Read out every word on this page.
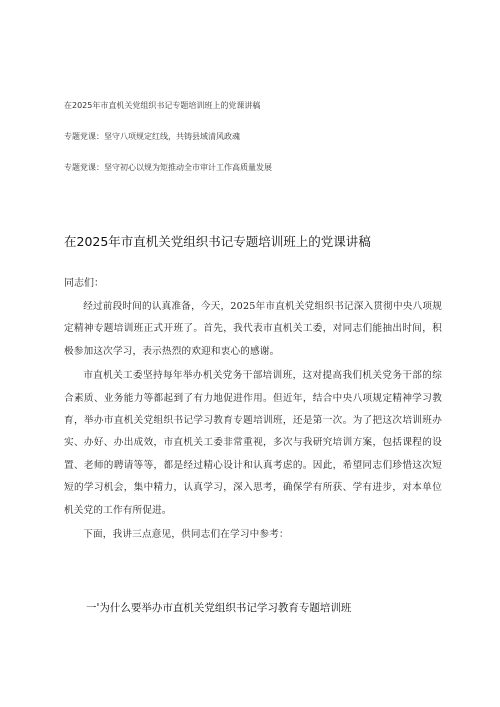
在2025年市直机关党组织书记专题培训班上的党课讲稿
专题党课：坚守八项规定红线，共铸县域清风政魂
专题党课：坚守初心以规为矩推动全市审计工作高质量发展
在2025年市直机关党组织书记专题培训班上的党课讲稿

同志们：

经过前段时间的认真准备，今天，2025年市直机关党组织书记深入贯彻中央八项规定精神专题培训班正式开班了。首先，我代表市直机关工委，对同志们能抽出时间，积极参加这次学习，表示热烈的欢迎和衷心的感谢。

市直机关工委坚持每年举办机关党务干部培训班，这对提高我们机关党务干部的综合素质、业务能力等都起到了有力地促进作用。但近年，结合中央八项规定精神学习教育，举办市直机关党组织书记学习教育专题培训班，还是第一次。为了把这次培训班办实、办好、办出成效，市直机关工委非常重视，多次与我研究培训方案，包括课程的设置、老师的聘请等等，都是经过精心设计和认真考虑的。因此，希望同志们珍惜这次短短的学习机会，集中精力，认真学习，深入思考，确保学有所获、学有进步，对本单位机关党的工作有所促进。

下面，我讲三点意见，供同志们在学习中参考：

一'为什么要举办市直机关党组织书记学习教育专题培训班
